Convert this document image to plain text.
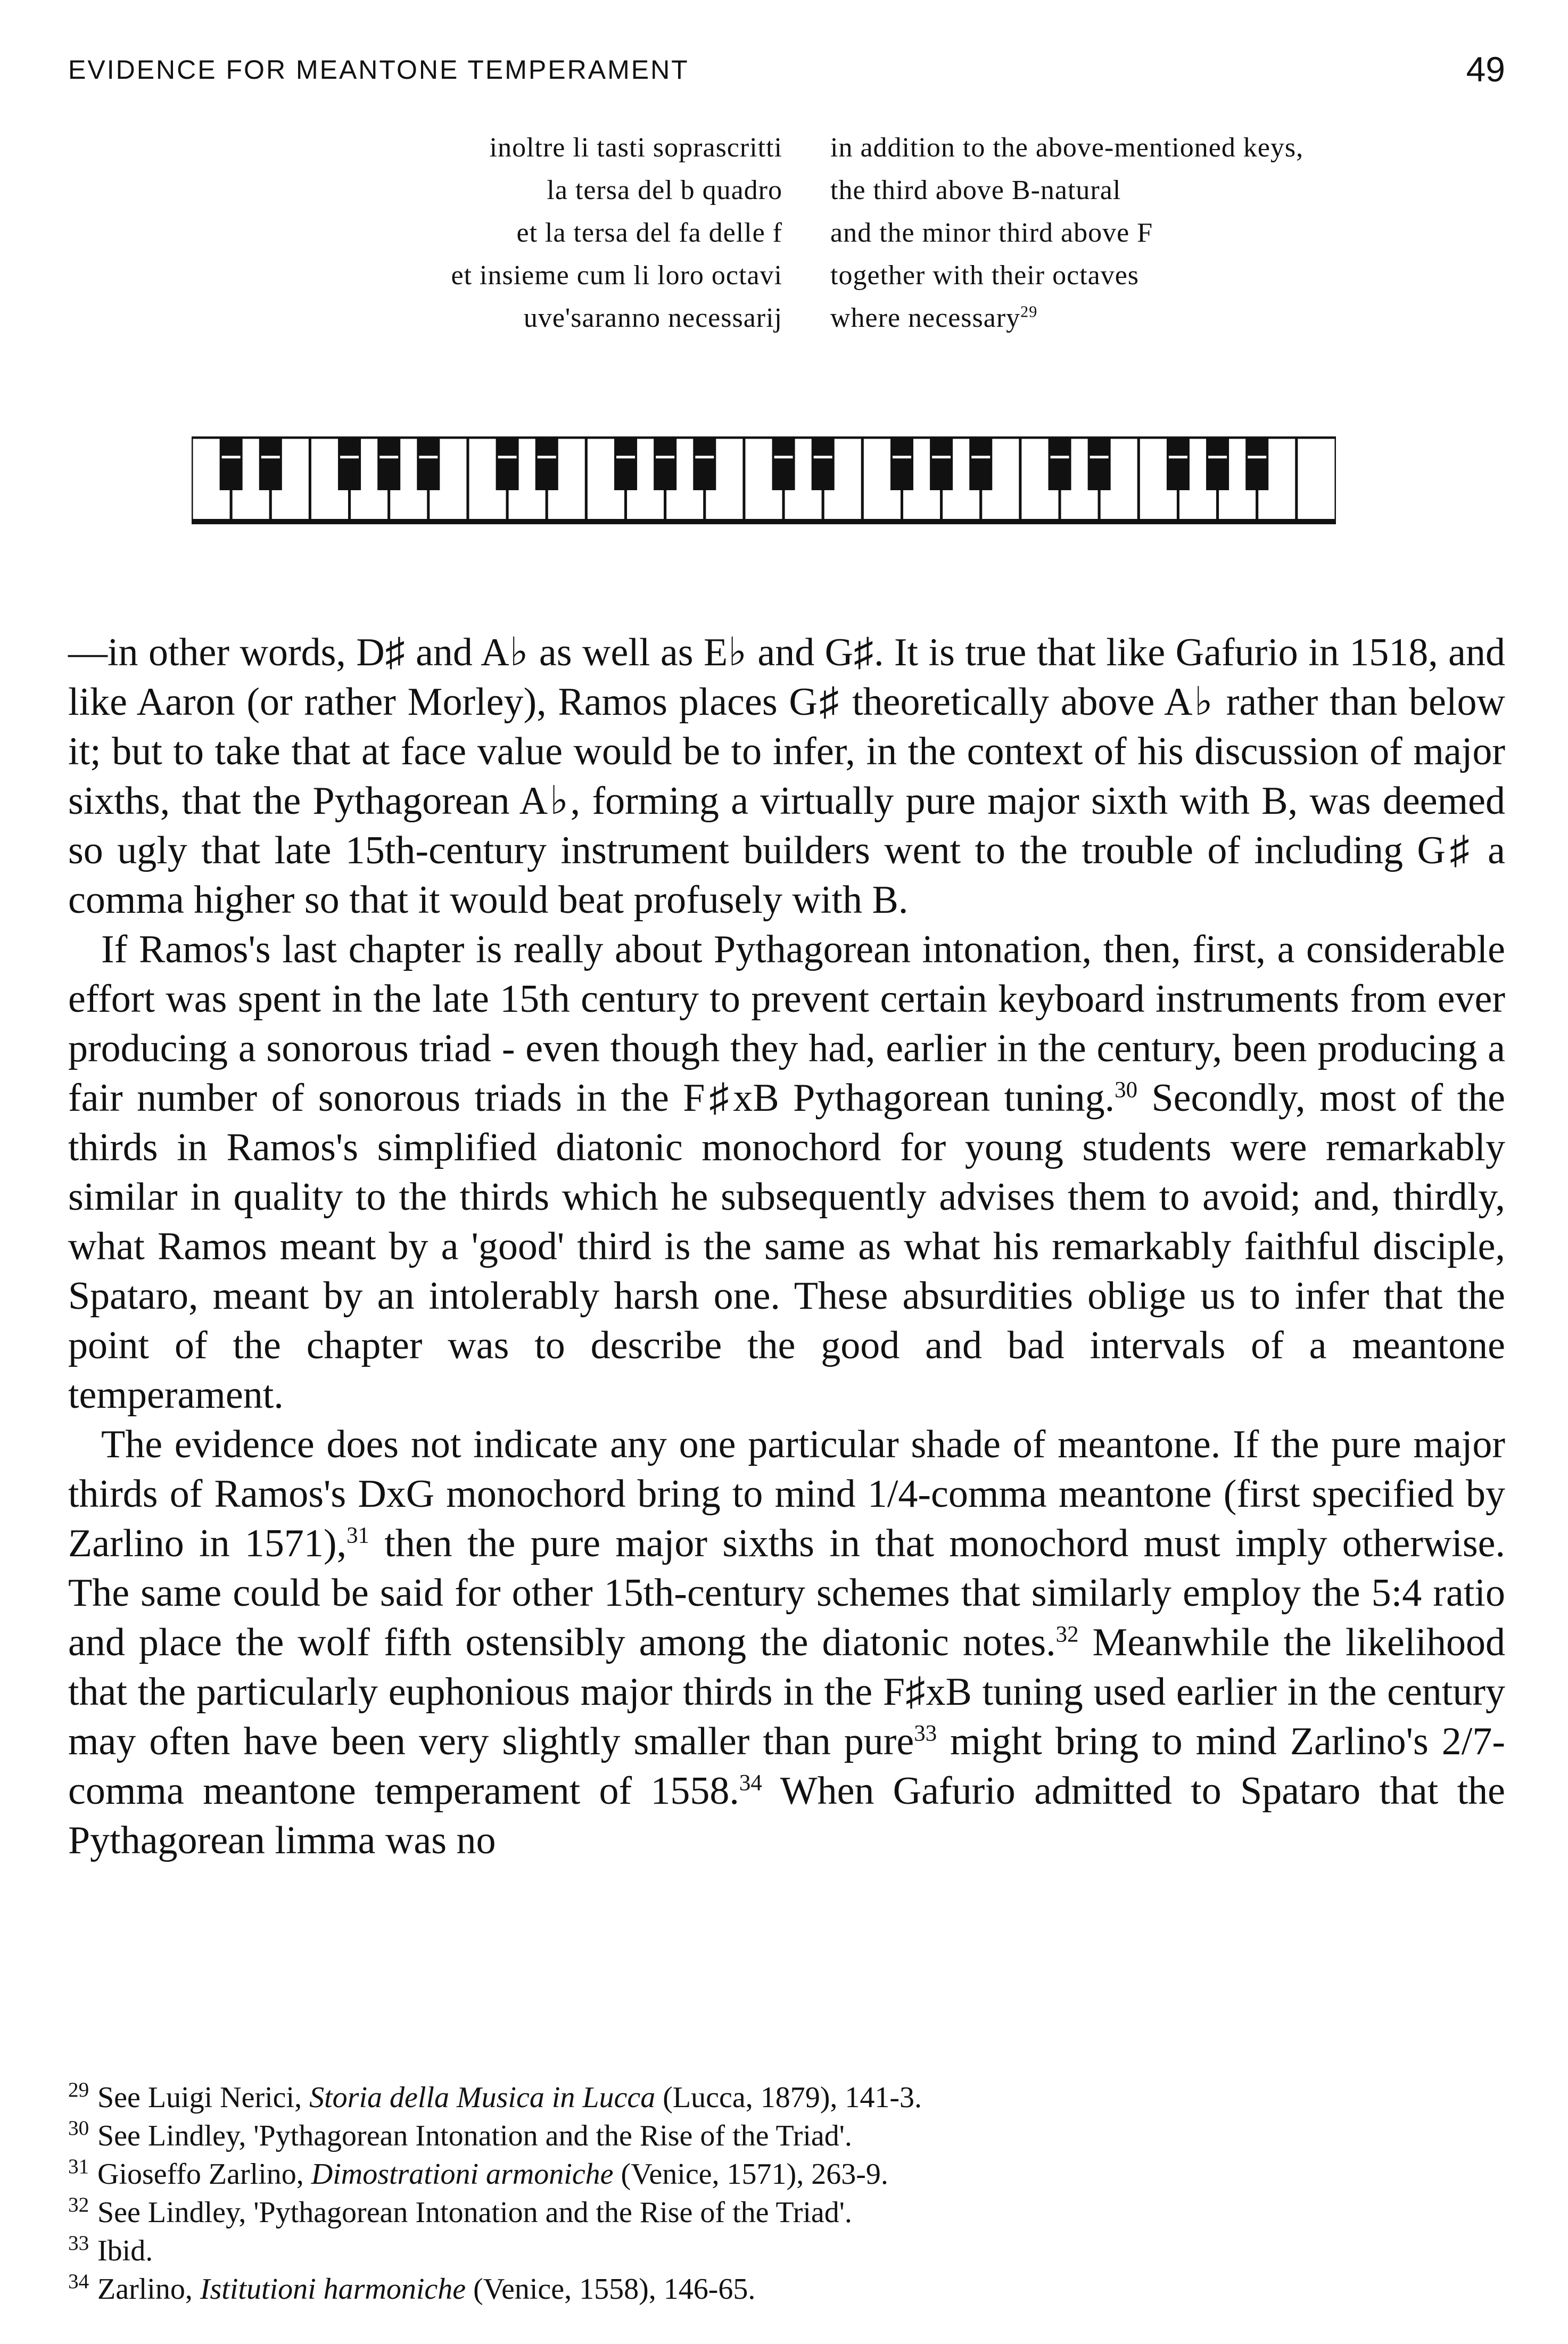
EVIDENCE FOR MEANTONE TEMPERAMENT	49
inoltre li tasti soprascritti
la tersa del b quadro
et la tersa del fa delle f
et insieme cum li loro octavi
uve'saranno necessarij
in addition to the above-mentioned keys,
the third above B-natural
and the minor third above F
together with their octaves
where necessary$^{29}$

—in other words, D♯ and A♭ as well as E♭ and G♯. It is true that like Gafurio in 1518, and like Aaron (or rather Morley), Ramos places G♯ theoretically above A♭ rather than below it; but to take that at face value would be to infer, in the context of his discussion of major sixths, that the Pythagorean A♭, forming a virtually pure major sixth with B, was deemed so ugly that late 15th-century instrument builders went to the trouble of including G♯ a comma higher so that it would beat profusely with B.

If Ramos's last chapter is really about Pythagorean intonation, then, first, a considerable effort was spent in the late 15th century to prevent certain keyboard instruments from ever producing a sonorous triad - even though they had, earlier in the century, been producing a fair number of sonorous triads in the F♯xB Pythagorean tuning.$^{30}$ Secondly, most of the thirds in Ramos's simplified diatonic monochord for young students were remarkably similar in quality to the thirds which he subsequently advises them to avoid; and, thirdly, what Ramos meant by a 'good' third is the same as what his remarkably faithful disciple, Spataro, meant by an intolerably harsh one. These absurdities oblige us to infer that the point of the chapter was to describe the good and bad intervals of a meantone temperament.

The evidence does not indicate any one particular shade of meantone. If the pure major thirds of Ramos's DxG monochord bring to mind 1/4-comma meantone (first specified by Zarlino in 1571),$^{31}$ then the pure major sixths in that monochord must imply otherwise. The same could be said for other 15th-century schemes that similarly employ the 5:4 ratio and place the wolf fifth ostensibly among the diatonic notes.$^{32}$ Meanwhile the likelihood that the particularly euphonious major thirds in the F♯xB tuning used earlier in the century may often have been very slightly smaller than pure$^{33}$ might bring to mind Zarlino's 2/7-comma meantone temperament of 1558.34 When Gafurio admitted to Spataro that the Pythagorean limma was no

29 See Luigi Nerici, Storia della Musica in Lucca (Lucca, 1879), 141-3.
30 See Lindley, 'Pythagorean Intonation and the Rise of the Triad'.
31 Gioseffo Zarlino, Dimostrationi armoniche (Venice, 1571), 263-9.
32 See Lindley, 'Pythagorean Intonation and the Rise of the Triad'.
33 Ibid.
34 Zarlino, Istitutioni harmoniche (Venice, 1558), 146-65.
